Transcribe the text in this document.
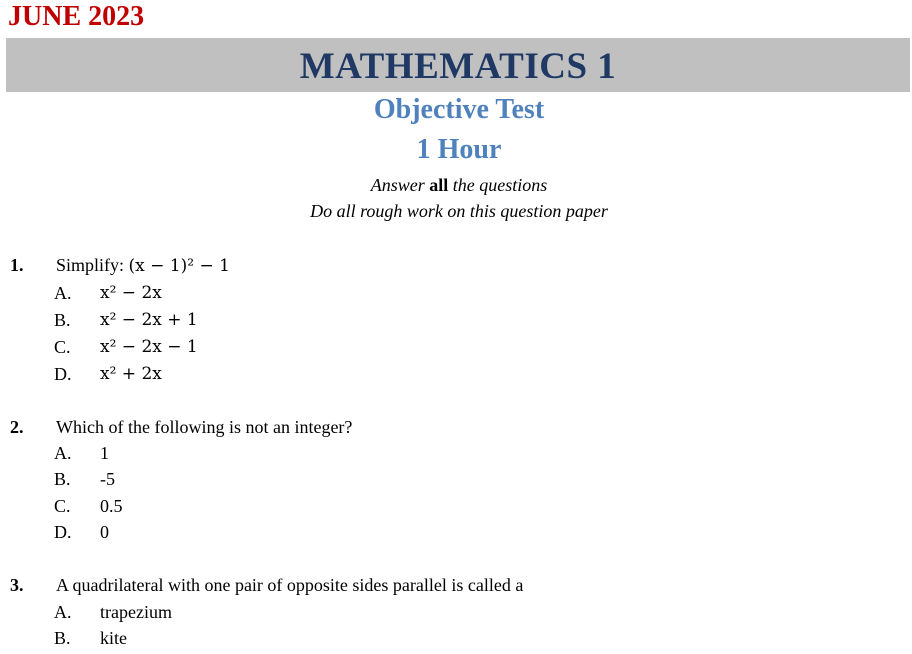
JUNE 2023
MATHEMATICS 1
Objective Test
1 Hour
Answer all the questions
Do all rough work on this question paper
1. Simplify: (x − 1)² − 1
A. x² − 2x
B. x² − 2x + 1
C. x² − 2x − 1
D. x² + 2x
2. Which of the following is not an integer?
A. 1
B. -5
C. 0.5
D. 0
3. A quadrilateral with one pair of opposite sides parallel is called a
A. trapezium
B. kite
